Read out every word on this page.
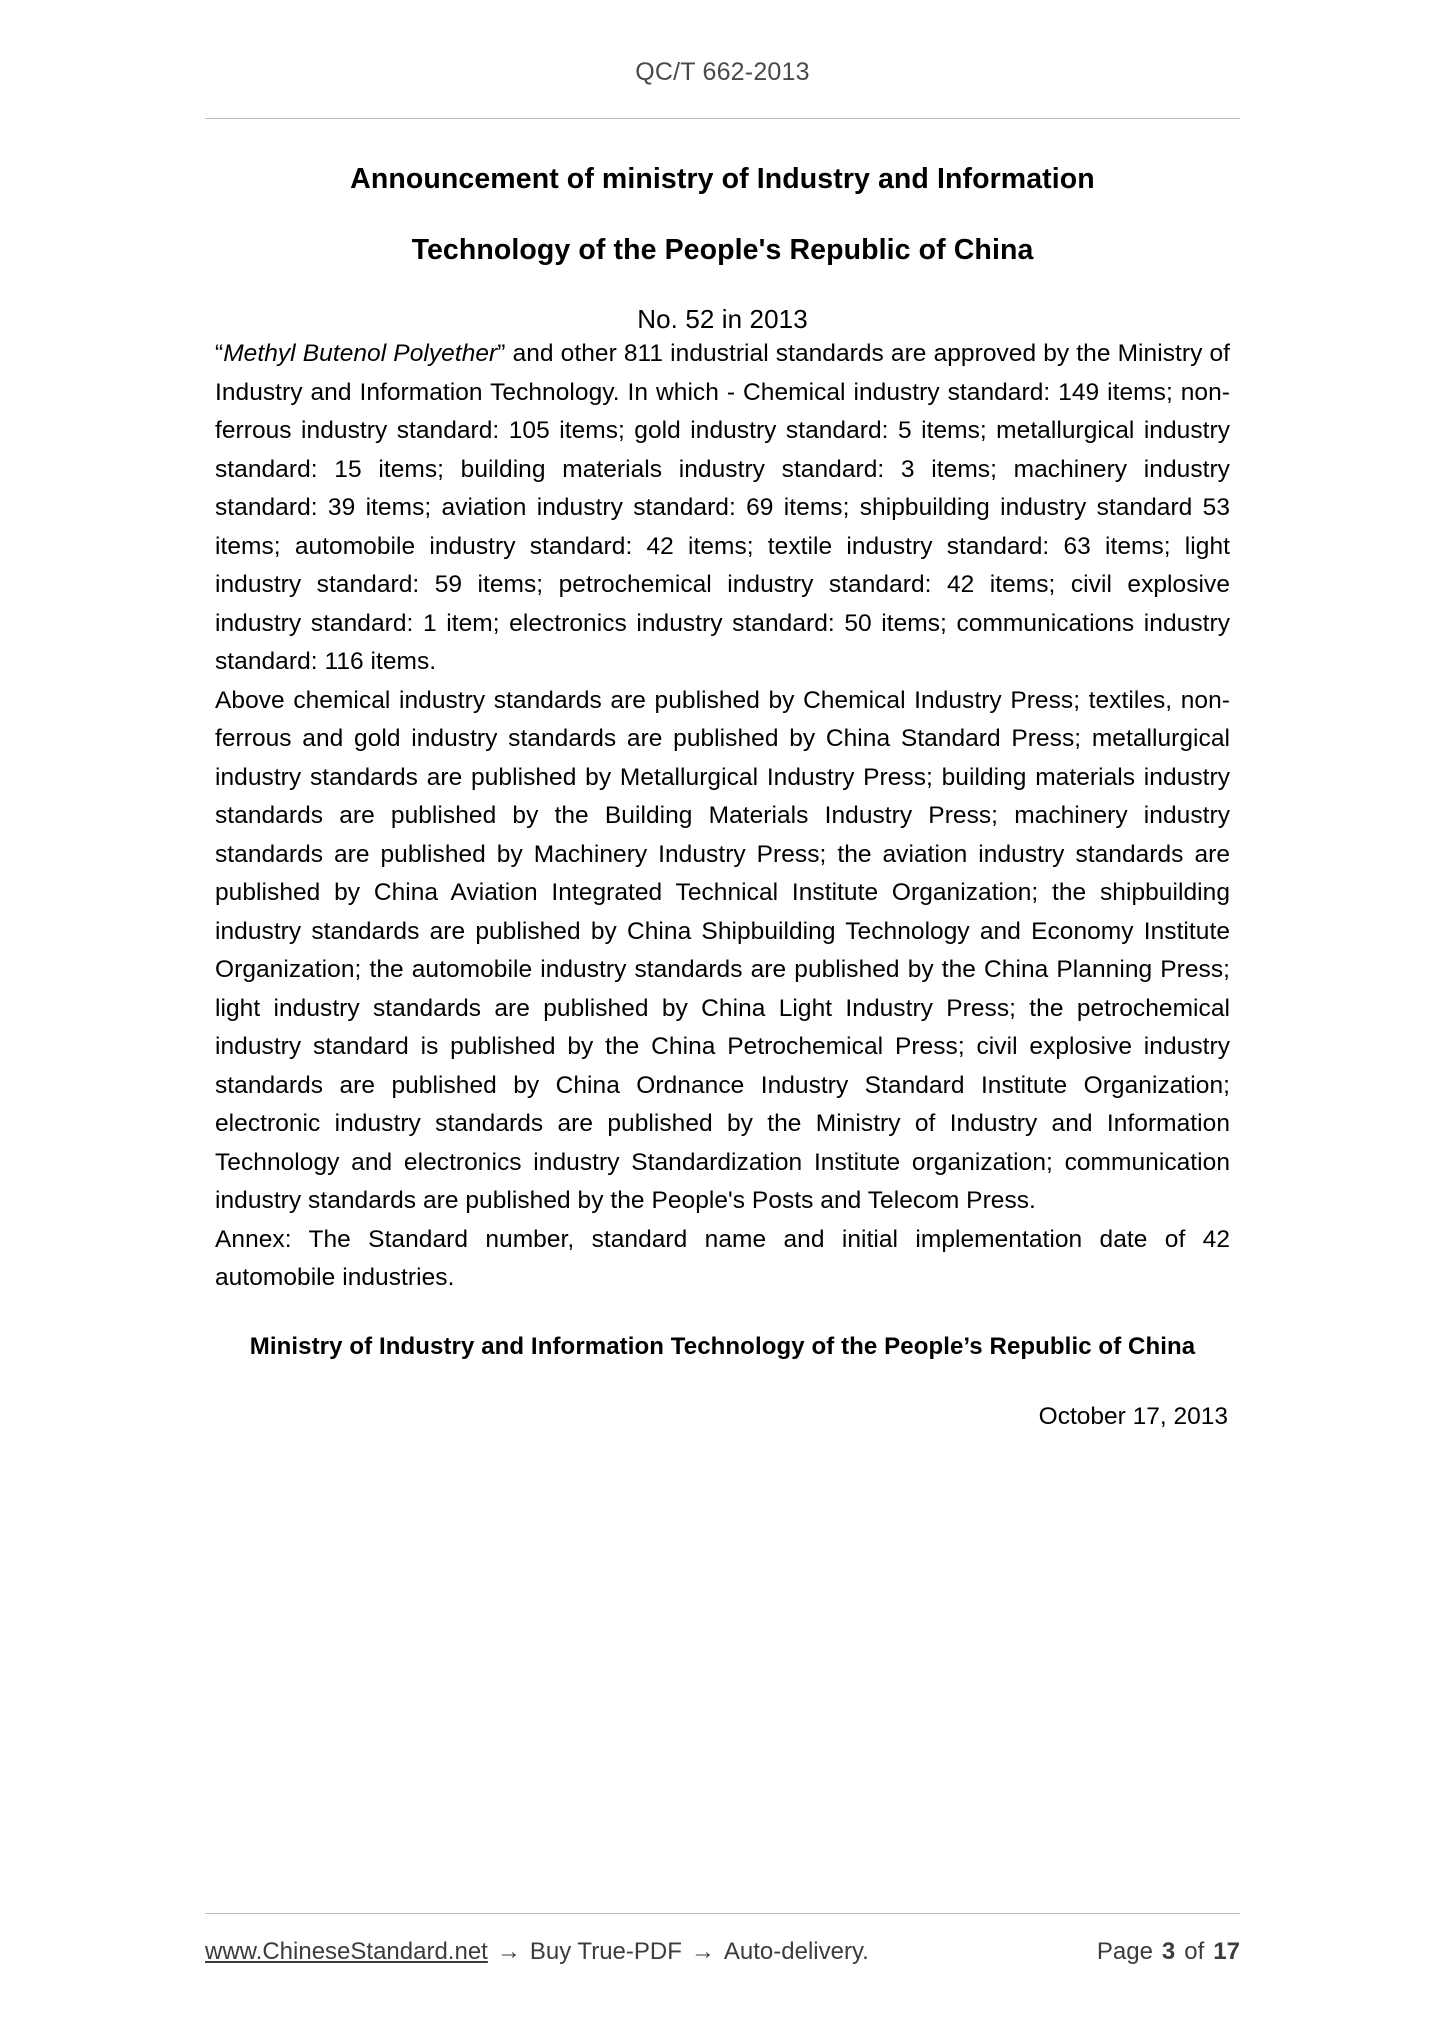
QC/T 662-2013
Announcement of ministry of Industry and Information
Technology of the People's Republic of China
No. 52 in 2013

“Methyl Butenol Polyether” and other 811 industrial standards are approved by the Ministry of Industry and Information Technology. In which - Chemical industry standard: 149 items; non-ferrous industry standard: 105 items; gold industry standard: 5 items; metallurgical industry standard: 15 items; building materials industry standard: 3 items; machinery industry standard: 39 items; aviation industry standard: 69 items; shipbuilding industry standard 53 items; automobile industry standard: 42 items; textile industry standard: 63 items; light industry standard: 59 items; petrochemical industry standard: 42 items; civil explosive industry standard: 1 item; electronics industry standard: 50 items; communications industry standard: 116 items.

Above chemical industry standards are published by Chemical Industry Press; textiles, non-ferrous and gold industry standards are published by China Standard Press; metallurgical industry standards are published by Metallurgical Industry Press; building materials industry standards are published by the Building Materials Industry Press; machinery industry standards are published by Machinery Industry Press; the aviation industry standards are published by China Aviation Integrated Technical Institute Organization; the shipbuilding industry standards are published by China Shipbuilding Technology and Economy Institute Organization; the automobile industry standards are published by the China Planning Press; light industry standards are published by China Light Industry Press; the petrochemical industry standard is published by the China Petrochemical Press; civil explosive industry standards are published by China Ordnance Industry Standard Institute Organization; electronic industry standards are published by the Ministry of Industry and Information Technology and electronics industry Standardization Institute organization; communication industry standards are published by the People's Posts and Telecom Press.

Annex: The Standard number, standard name and initial implementation date of 42 automobile industries.

Ministry of Industry and Information Technology of the People’s Republic of China
October 17, 2013
www.ChineseStandard.net → Buy True-PDF → Auto-delivery.	Page 3 of 17
